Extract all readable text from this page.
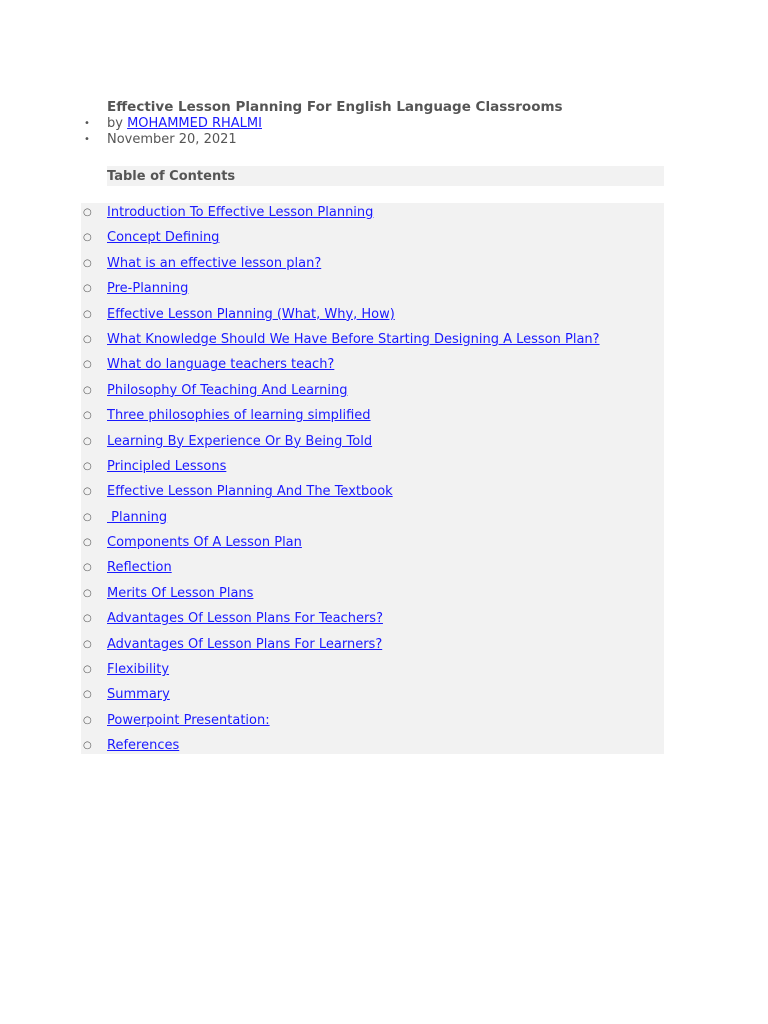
Effective Lesson Planning For English Language Classrooms
• by MOHAMMED RHALMI
• November 20, 2021
Table of Contents
○ Introduction To Effective Lesson Planning
○ Concept Defining
○ What is an effective lesson plan?
○ Pre-Planning
○ Effective Lesson Planning (What, Why, How)
○ What Knowledge Should We Have Before Starting Designing A Lesson Plan?
○ What do language teachers teach?
○ Philosophy Of Teaching And Learning
○ Three philosophies of learning simplified
○ Learning By Experience Or By Being Told
○ Principled Lessons
○ Effective Lesson Planning And The Textbook
○ Planning
○ Components Of A Lesson Plan
○ Reflection
○ Merits Of Lesson Plans
○ Advantages Of Lesson Plans For Teachers?
○ Advantages Of Lesson Plans For Learners?
○ Flexibility
○ Summary
○ Powerpoint Presentation:
○ References
